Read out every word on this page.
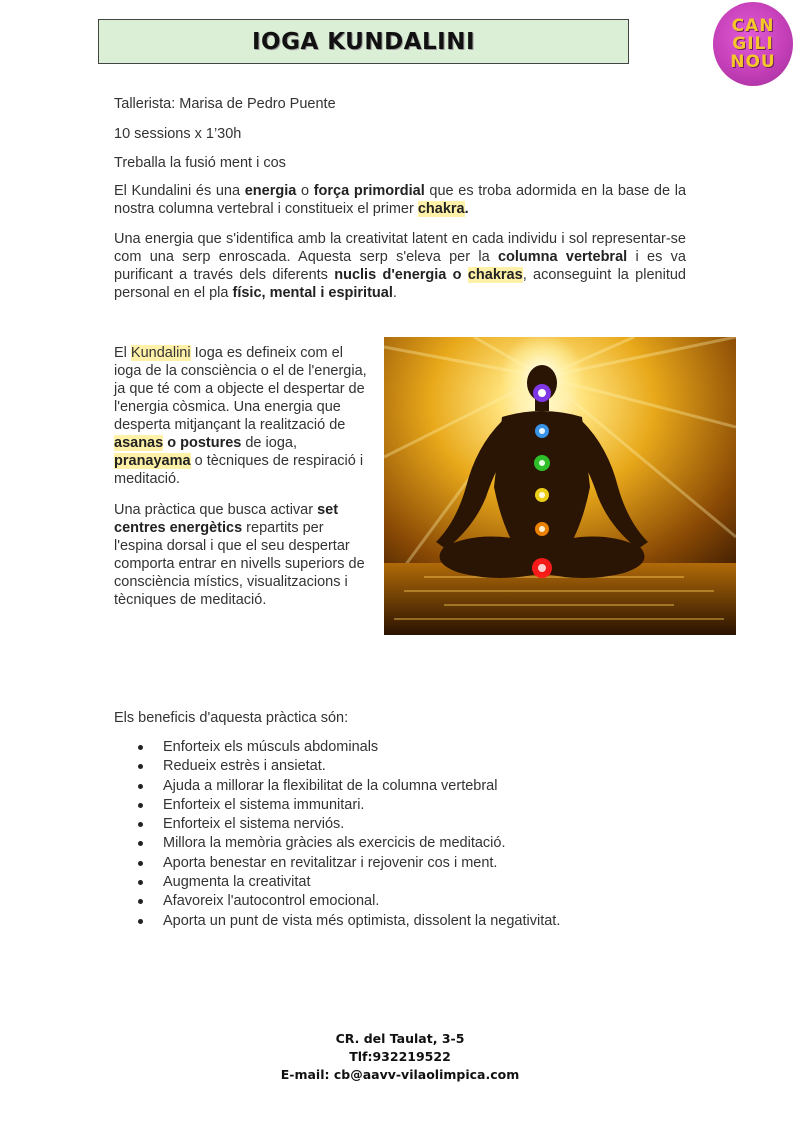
IOGA KUNDALINI
CAN
GILI
NOU

Tallerista: Marisa de Pedro Puente

10 sessions x 1’30h

Treballa la fusió ment i cos

El Kundalini és una energia o força primordial que es troba adormida en la base de la nostra columna vertebral i constitueix el primer chakra.

Una energia que s'identifica amb la creativitat latent en cada individu i sol representar-se com una serp enroscada. Aquesta serp s'eleva per la columna vertebral i es va purificant a través dels diferents nuclis d'energia o chakras, aconseguint la plenitud personal en el pla físic, mental i espiritual.

El Kundalini Ioga es defineix com el ioga de la consciència o el de l'energia, ja que té com a objecte el despertar de l'energia còsmica. Una energia que desperta mitjançant la realització de asanas o postures de ioga, pranayama o tècniques de respiració i meditació.

Una pràctica que busca activar set centres energètics repartits per l'espina dorsal i que el seu despertar comporta entrar en nivells superiors de consciència místics, visualitzacions i tècniques de meditació.

Els beneficis d'aquesta pràctica són:

Enforteix els músculs abdominals
Redueix estrès i ansietat.
Ajuda a millorar la flexibilitat de la columna vertebral
Enforteix el sistema immunitari.
Enforteix el sistema nerviós.
Millora la memòria gràcies als exercicis de meditació.
Aporta benestar en revitalitzar i rejovenir cos i ment.
Augmenta la creativitat
Afavoreix l'autocontrol emocional.
Aporta un punt de vista més optimista, dissolent la negativitat.
CR. del Taulat, 3-5
Tlf:932219522
E-mail: cb@aavv-vilaolimpica.com
